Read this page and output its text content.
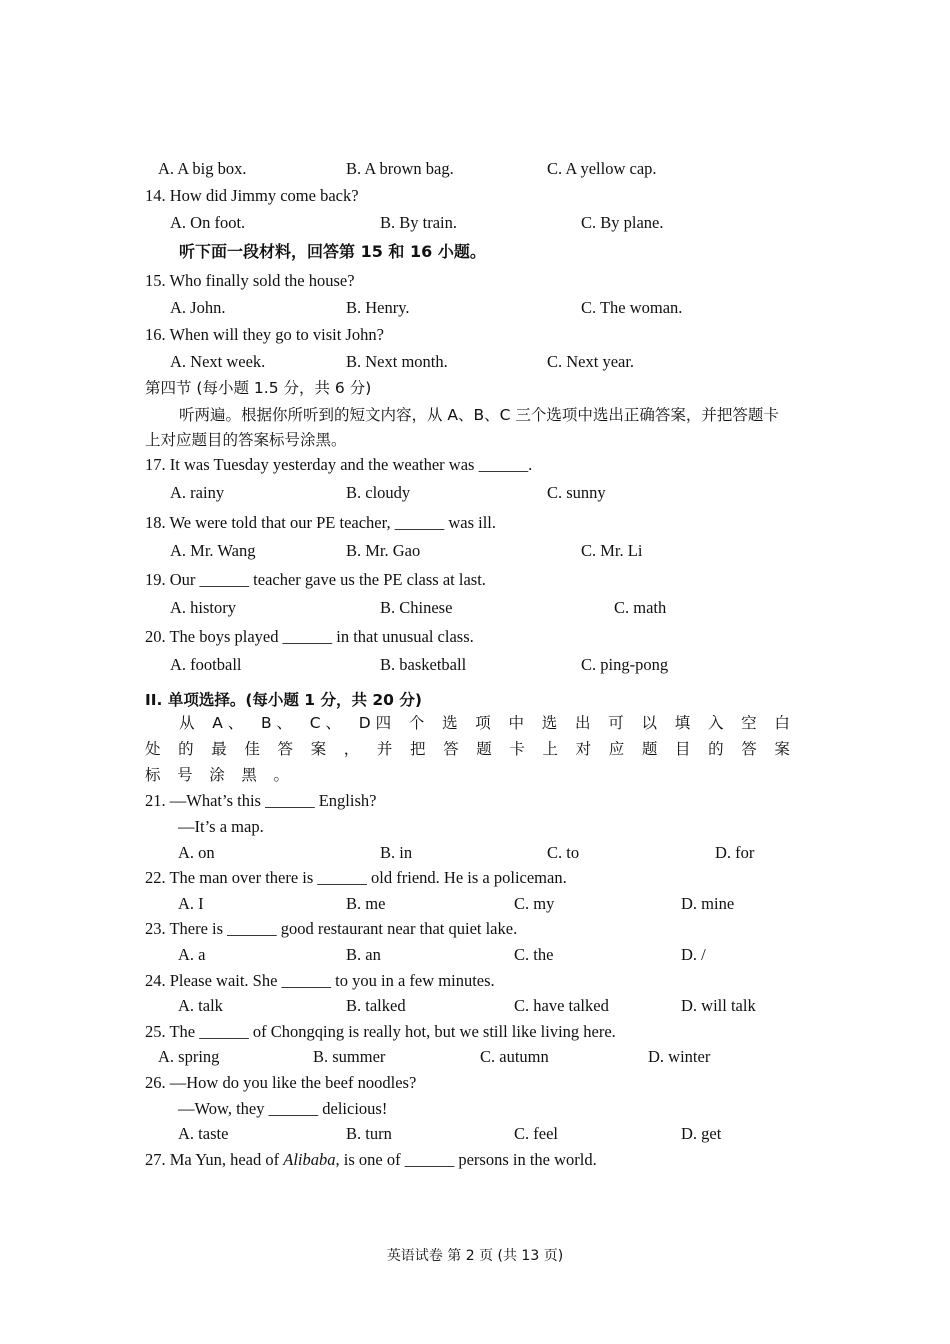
A. A big box.	B. A brown bag.	C. A yellow cap.
14. How did Jimmy come back?
A. On foot.	B. By train.	C. By plane.
听下面一段材料，回答第 15 和 16 小题。
15. Who finally sold the house?
A. John.	B. Henry.	C. The woman.
16. When will they go to visit John?
A. Next week.	B. Next month.	C. Next year.
第四节 (每小题 1.5 分，共 6 分)
听两遍。根据你所听到的短文内容，从 A、B、C 三个选项中选出正确答案，并把答题卡
上对应题目的答案标号涂黑。
17. It was Tuesday yesterday and the weather was ______.
A. rainy	B. cloudy	C. sunny
18. We were told that our PE teacher, ______ was ill.
A. Mr. Wang	B. Mr. Gao	C. Mr. Li
19. Our ______ teacher gave us the PE class at last.
A. history	B. Chinese	C. math
20. The boys played ______ in that unusual class.
A. football	B. basketball	C. ping-pong
II. 单项选择。(每小题 1 分，共 20 分)
从 A 、 B 、 C 、 D 四 个 选 项 中 选 出 可 以 填 入 空 白
处 的 最 佳 答 案 ， 并 把 答 题 卡 上 对 应 题 目 的 答 案
标 号 涂 黑 。
21. —What’s this ______ English?
—It’s a map.
A. on	B. in	C. to	D. for
22. The man over there is ______ old friend. He is a policeman.
A. I	B. me	C. my	D. mine
23. There is ______ good restaurant near that quiet lake.
A. a	B. an	C. the	D. /
24. Please wait. She ______ to you in a few minutes.
A. talk	B. talked	C. have talked	D. will talk
25. The ______ of Chongqing is really hot, but we still like living here.
A. spring	B. summer	C. autumn	D. winter
26. —How do you like the beef noodles?
—Wow, they ______ delicious!
A. taste	B. turn	C. feel	D. get
27. Ma Yun, head of Alibaba, is one of ______ persons in the world.
英语试卷 第 2 页 (共 13 页)
